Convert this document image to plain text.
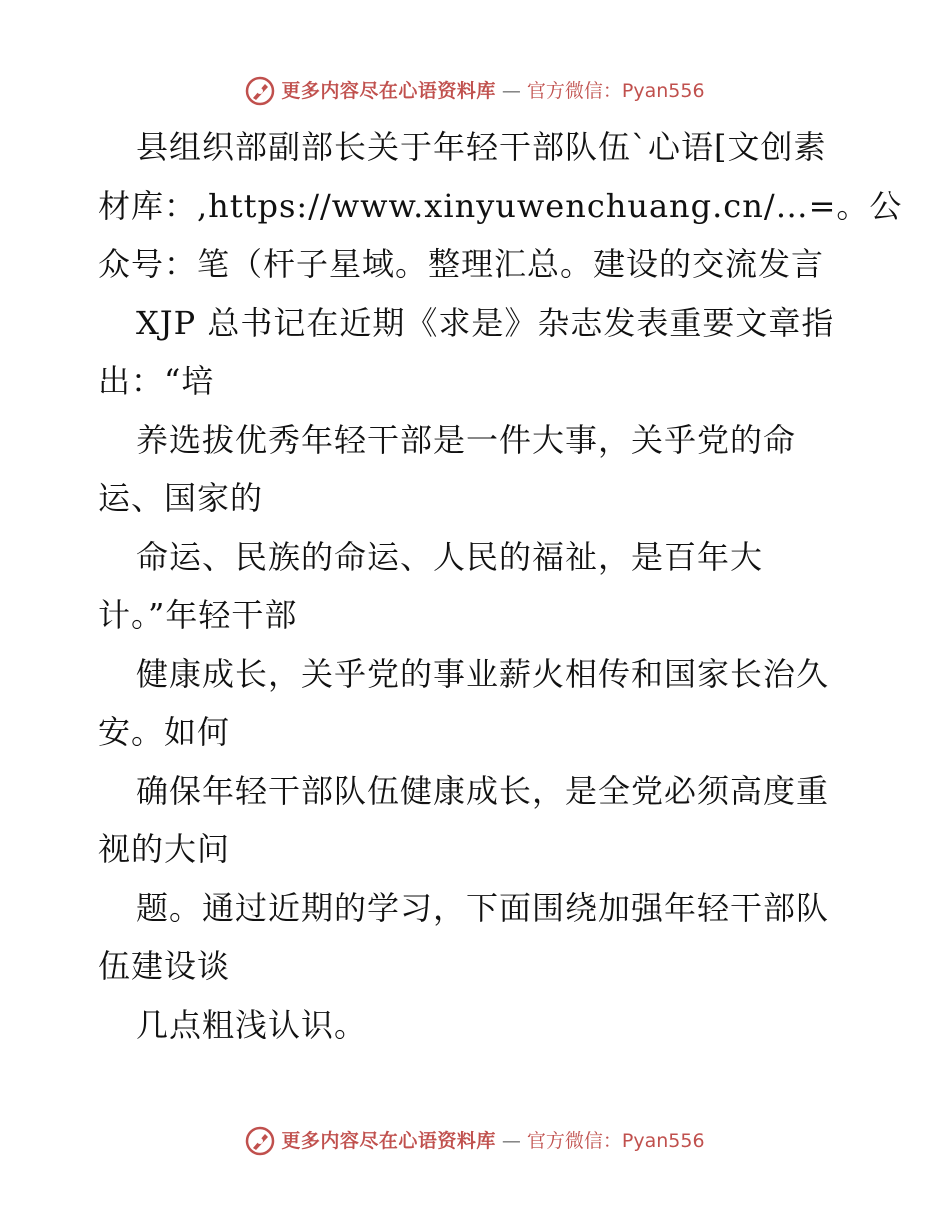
更多内容尽在心语资料库 — 官方微信：Pyan556
县组织部副部长关于年轻干部队伍`心语[文创素
材库：,https://www.xinyuwenchuang.cn/…=。公
众号：笔（杆子星域。整理汇总。建设的交流发言
XJP 总书记在近期《求是》杂志发表重要文章指
出：“培
养选拔优秀年轻干部是一件大事，关乎党的命
运、国家的
命运、民族的命运、人民的福祉，是百年大
计。”年轻干部
健康成长，关乎党的事业薪火相传和国家长治久
安。如何
确保年轻干部队伍健康成长，是全党必须高度重
视的大问
题。通过近期的学习，下面围绕加强年轻干部队
伍建设谈
几点粗浅认识。
更多内容尽在心语资料库 — 官方微信：Pyan556
